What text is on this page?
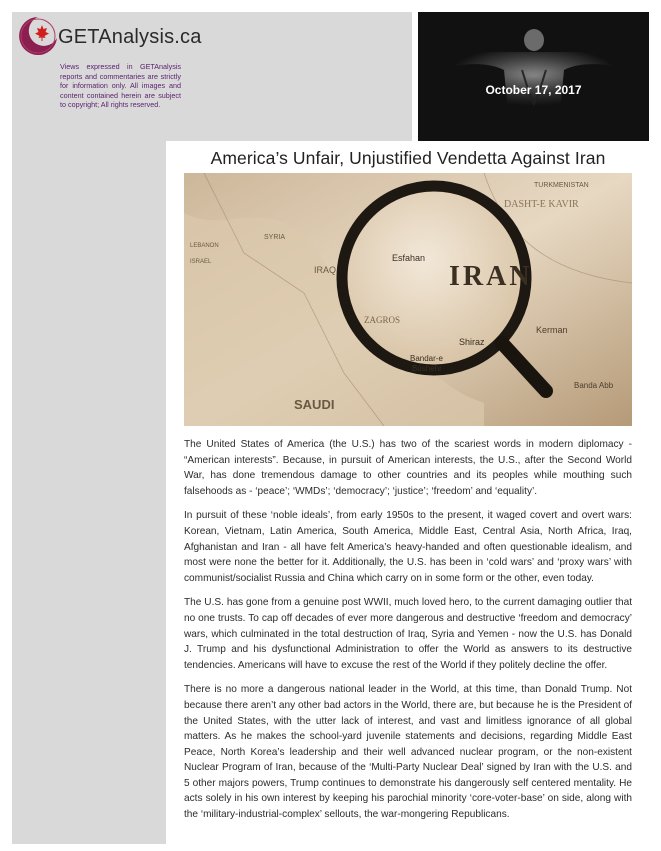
GETAnalysis.ca
Views expressed in GETAnalysis reports and commentaries are strictly for information only. All images and content contained herein are subject to copyright; All rights reserved.
October 17, 2017
America’s Unfair, Unjustified Vendetta Against Iran
IRAQ
SAUDI
SYRIA
LEBANON
ISRAEL
TURKMENISTAN
DASHT-E KAVIR
Kerman
Banda Abb
IRAN
Esfahan
ZAGROS
Shiraz
Bandar-e
Būshehr

The United States of America (the U.S.) has two of the scariest words in modern diplomacy - “American interests”. Because, in pursuit of American interests, the U.S., after the Second World War, has done tremendous damage to other countries and its peoples while mouthing such falsehoods as - ‘peace’; ‘WMDs’; ‘democracy’; ‘justice’; ‘freedom’ and ‘equality’.

In pursuit of these ‘noble ideals’, from early 1950s to the present, it waged covert and overt wars: Korean, Vietnam, Latin America, South America, Middle East, Central Asia, North Africa, Iraq, Afghanistan and Iran - all have felt America’s heavy-handed and often questionable idealism, and most were none the better for it. Additionally, the U.S. has been in ‘cold wars’ and ‘proxy wars’ with communist/socialist Russia and China which carry on in some form or the other, even today.

The U.S. has gone from a genuine post WWII, much loved hero, to the current damaging outlier that no one trusts. To cap off decades of ever more dangerous and destructive ‘freedom and democracy’ wars, which culminated in the total destruction of Iraq, Syria and Yemen - now the U.S. has Donald J. Trump and his dysfunctional Administration to offer the World as answers to its destructive tendencies. Americans will have to excuse the rest of the World if they politely decline the offer.

There is no more a dangerous national leader in the World, at this time, than Donald Trump. Not because there aren’t any other bad actors in the World, there are, but because he is the President of the United States, with the utter lack of interest, and vast and limitless ignorance of all global matters. As he makes the school-yard juvenile statements and decisions, regarding Middle East Peace, North Korea’s leadership and their well advanced nuclear program, or the non-existent Nuclear Program of Iran, because of the ‘Multi-Party Nuclear Deal’ signed by Iran with the U.S. and 5 other majors powers, Trump continues to demonstrate his dangerously self centered mentality. He acts solely in his own interest by keeping his parochial minority ‘core-voter-base’ on side, along with the ‘military-industrial-complex’ sellouts, the war-mongering Republicans.
